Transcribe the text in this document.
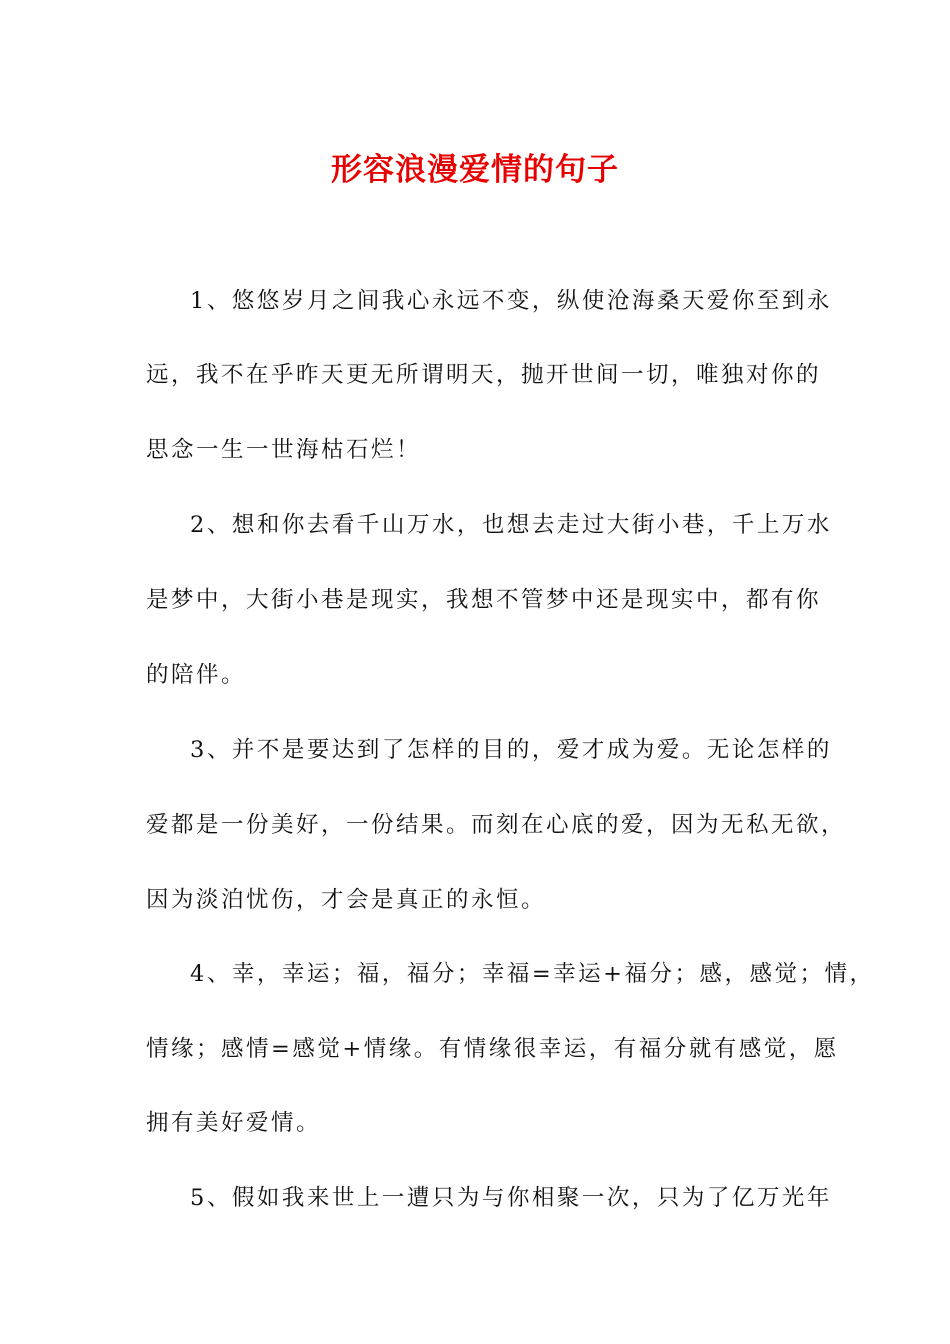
形容浪漫爱情的句子
1、悠悠岁月之间我心永远不变，纵使沧海桑天爱你至到永
远，我不在乎昨天更无所谓明天，抛开世间一切，唯独对你的
思念一生一世海枯石烂！
2、想和你去看千山万水，也想去走过大街小巷，千上万水
是梦中，大街小巷是现实，我想不管梦中还是现实中，都有你
的陪伴。
3、并不是要达到了怎样的目的，爱才成为爱。无论怎样的
爱都是一份美好，一份结果。而刻在心底的爱，因为无私无欲，
因为淡泊忧伤，才会是真正的永恒。
4、幸，幸运；福，福分；幸福=幸运+福分；感，感觉；情，
情缘；感情=感觉+情缘。有情缘很幸运，有福分就有感觉，愿
拥有美好爱情。
5、假如我来世上一遭只为与你相聚一次，只为了亿万光年
